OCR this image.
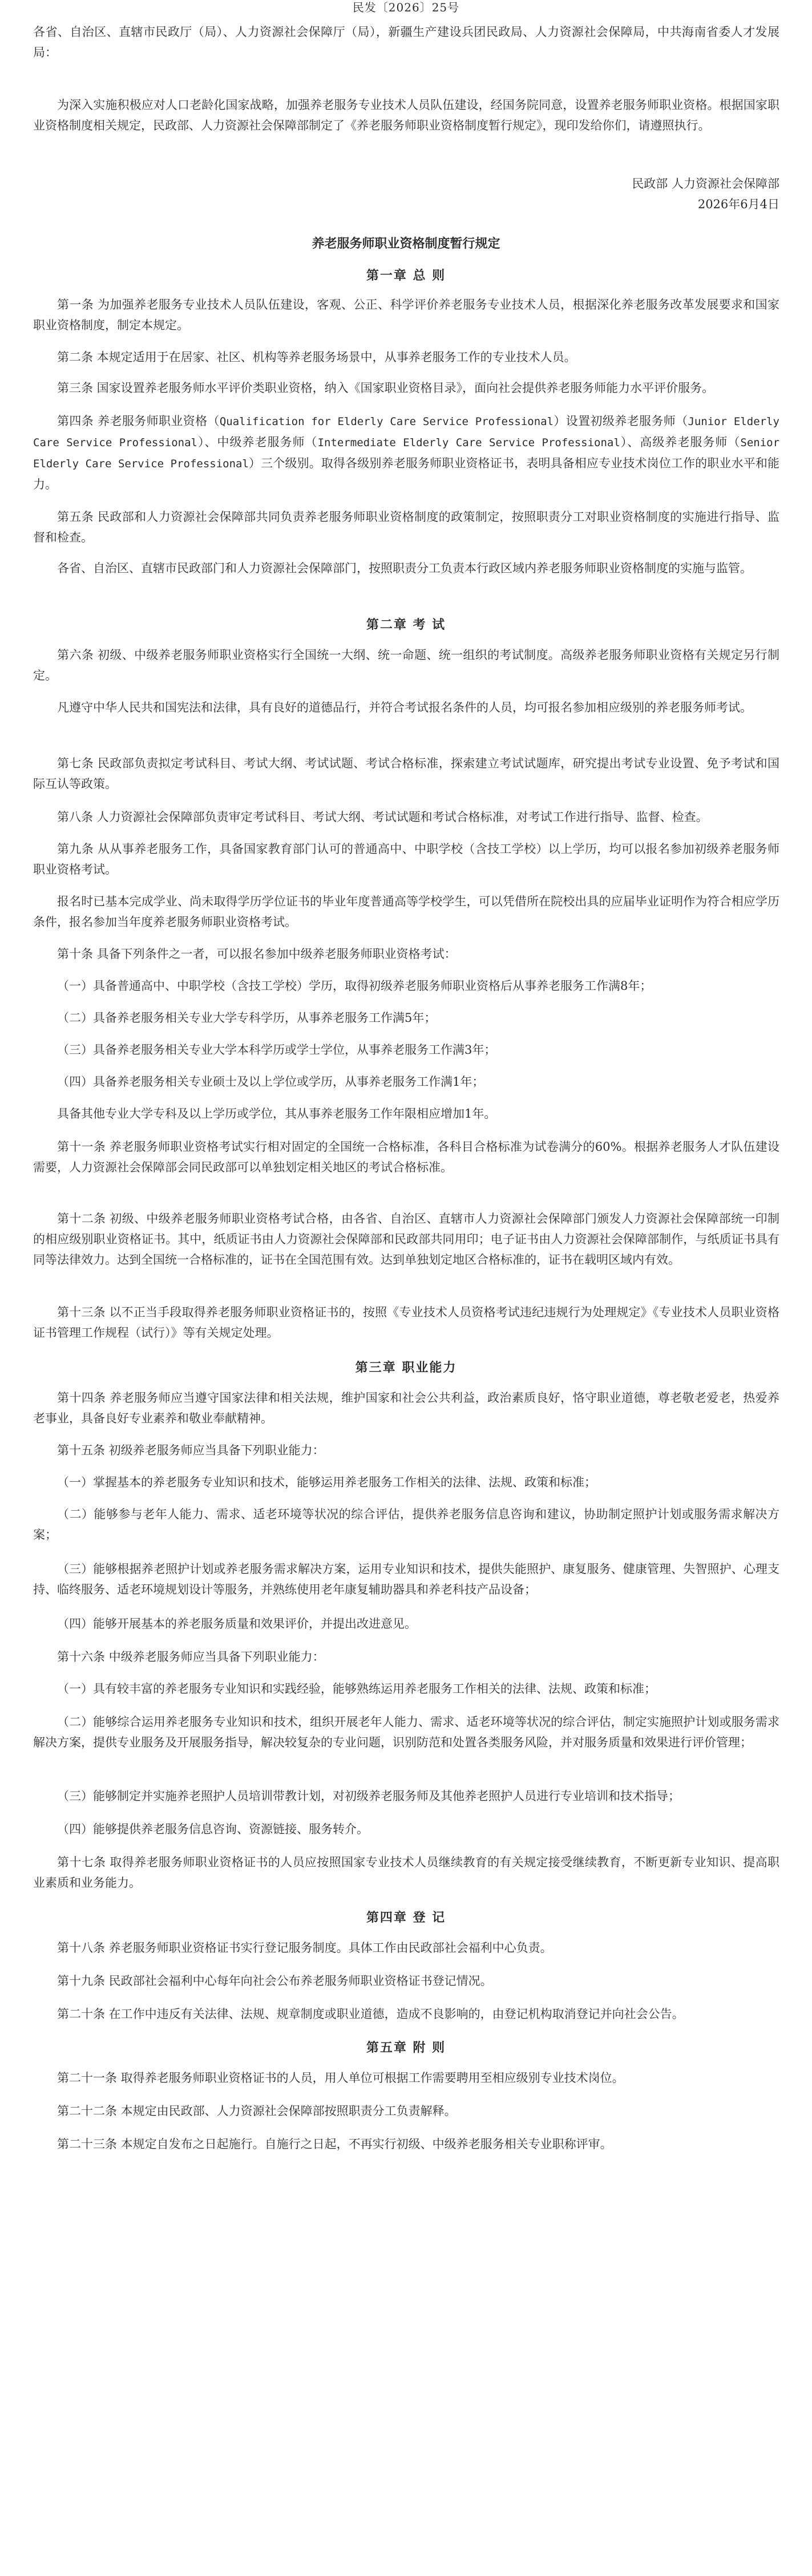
民发〔2026〕25号

各省、自治区、直辖市民政厅（局）、人力资源社会保障厅（局），新疆生产建设兵团民政局、人力资源社会保障局，中共海南省委人才发展局：

为深入实施积极应对人口老龄化国家战略，加强养老服务专业技术人员队伍建设，经国务院同意，设置养老服务师职业资格。根据国家职业资格制度相关规定，民政部、人力资源社会保障部制定了《养老服务师职业资格制度暂行规定》，现印发给你们，请遵照执行。

民政部 人力资源社会保障部
2026年6月4日
养老服务师职业资格制度暂行规定
第一章 总 则

第一条 为加强养老服务专业技术人员队伍建设，客观、公正、科学评价养老服务专业技术人员，根据深化养老服务改革发展要求和国家职业资格制度，制定本规定。

第二条 本规定适用于在居家、社区、机构等养老服务场景中，从事养老服务工作的专业技术人员。

第三条 国家设置养老服务师水平评价类职业资格，纳入《国家职业资格目录》，面向社会提供养老服务师能力水平评价服务。

第四条 养老服务师职业资格（Qualification for Elderly Care Service Professional）设置初级养老服务师（Junior Elderly Care Service Professional）、中级养老服务师（Intermediate Elderly Care Service Professional）、高级养老服务师（Senior Elderly Care Service Professional）三个级别。取得各级别养老服务师职业资格证书，表明具备相应专业技术岗位工作的职业水平和能力。

第五条 民政部和人力资源社会保障部共同负责养老服务师职业资格制度的政策制定，按照职责分工对职业资格制度的实施进行指导、监督和检查。

各省、自治区、直辖市民政部门和人力资源社会保障部门，按照职责分工负责本行政区域内养老服务师职业资格制度的实施与监管。

第二章 考 试

第六条 初级、中级养老服务师职业资格实行全国统一大纲、统一命题、统一组织的考试制度。高级养老服务师职业资格有关规定另行制定。

凡遵守中华人民共和国宪法和法律，具有良好的道德品行，并符合考试报名条件的人员，均可报名参加相应级别的养老服务师考试。

第七条 民政部负责拟定考试科目、考试大纲、考试试题、考试合格标准，探索建立考试试题库，研究提出考试专业设置、免予考试和国际互认等政策。

第八条 人力资源社会保障部负责审定考试科目、考试大纲、考试试题和考试合格标准，对考试工作进行指导、监督、检查。

第九条 从从事养老服务工作，具备国家教育部门认可的普通高中、中职学校（含技工学校）以上学历，均可以报名参加初级养老服务师职业资格考试。

报名时已基本完成学业、尚未取得学历学位证书的毕业年度普通高等学校学生，可以凭借所在院校出具的应届毕业证明作为符合相应学历条件，报名参加当年度养老服务师职业资格考试。

第十条 具备下列条件之一者，可以报名参加中级养老服务师职业资格考试：

（一）具备普通高中、中职学校（含技工学校）学历，取得初级养老服务师职业资格后从事养老服务工作满8年；

（二）具备养老服务相关专业大学专科学历，从事养老服务工作满5年；

（三）具备养老服务相关专业大学本科学历或学士学位，从事养老服务工作满3年；

（四）具备养老服务相关专业硕士及以上学位或学历，从事养老服务工作满1年；

具备其他专业大学专科及以上学历或学位，其从事养老服务工作年限相应增加1年。

第十一条 养老服务师职业资格考试实行相对固定的全国统一合格标准，各科目合格标准为试卷满分的60%。根据养老服务人才队伍建设需要，人力资源社会保障部会同民政部可以单独划定相关地区的考试合格标准。

第十二条 初级、中级养老服务师职业资格考试合格，由各省、自治区、直辖市人力资源社会保障部门颁发人力资源社会保障部统一印制的相应级别职业资格证书。其中，纸质证书由人力资源社会保障部和民政部共同用印；电子证书由人力资源社会保障部制作，与纸质证书具有同等法律效力。达到全国统一合格标准的，证书在全国范围有效。达到单独划定地区合格标准的，证书在载明区域内有效。

第十三条 以不正当手段取得养老服务师职业资格证书的，按照《专业技术人员资格考试违纪违规行为处理规定》《专业技术人员职业资格证书管理工作规程（试行）》等有关规定处理。

第三章 职业能力

第十四条 养老服务师应当遵守国家法律和相关法规，维护国家和社会公共利益，政治素质良好，恪守职业道德，尊老敬老爱老，热爱养老事业，具备良好专业素养和敬业奉献精神。

第十五条 初级养老服务师应当具备下列职业能力：

（一）掌握基本的养老服务专业知识和技术，能够运用养老服务工作相关的法律、法规、政策和标准；

（二）能够参与老年人能力、需求、适老环境等状况的综合评估，提供养老服务信息咨询和建议，协助制定照护计划或服务需求解决方案；

（三）能够根据养老照护计划或养老服务需求解决方案，运用专业知识和技术，提供失能照护、康复服务、健康管理、失智照护、心理支持、临终服务、适老环境规划设计等服务，并熟练使用老年康复辅助器具和养老科技产品设备；

（四）能够开展基本的养老服务质量和效果评价，并提出改进意见。

第十六条 中级养老服务师应当具备下列职业能力：

（一）具有较丰富的养老服务专业知识和实践经验，能够熟练运用养老服务工作相关的法律、法规、政策和标准；

（二）能够综合运用养老服务专业知识和技术，组织开展老年人能力、需求、适老环境等状况的综合评估，制定实施照护计划或服务需求解决方案，提供专业服务及开展服务指导，解决较复杂的专业问题，识别防范和处置各类服务风险，并对服务质量和效果进行评价管理；

（三）能够制定并实施养老照护人员培训带教计划，对初级养老服务师及其他养老照护人员进行专业培训和技术指导；

（四）能够提供养老服务信息咨询、资源链接、服务转介。

第十七条 取得养老服务师职业资格证书的人员应按照国家专业技术人员继续教育的有关规定接受继续教育，不断更新专业知识、提高职业素质和业务能力。

第四章 登 记

第十八条 养老服务师职业资格证书实行登记服务制度。具体工作由民政部社会福利中心负责。

第十九条 民政部社会福利中心每年向社会公布养老服务师职业资格证书登记情况。

第二十条 在工作中违反有关法律、法规、规章制度或职业道德，造成不良影响的，由登记机构取消登记并向社会公告。

第五章 附 则

第二十一条 取得养老服务师职业资格证书的人员，用人单位可根据工作需要聘用至相应级别专业技术岗位。

第二十二条 本规定由民政部、人力资源社会保障部按照职责分工负责解释。

第二十三条 本规定自发布之日起施行。自施行之日起，不再实行初级、中级养老服务相关专业职称评审。
